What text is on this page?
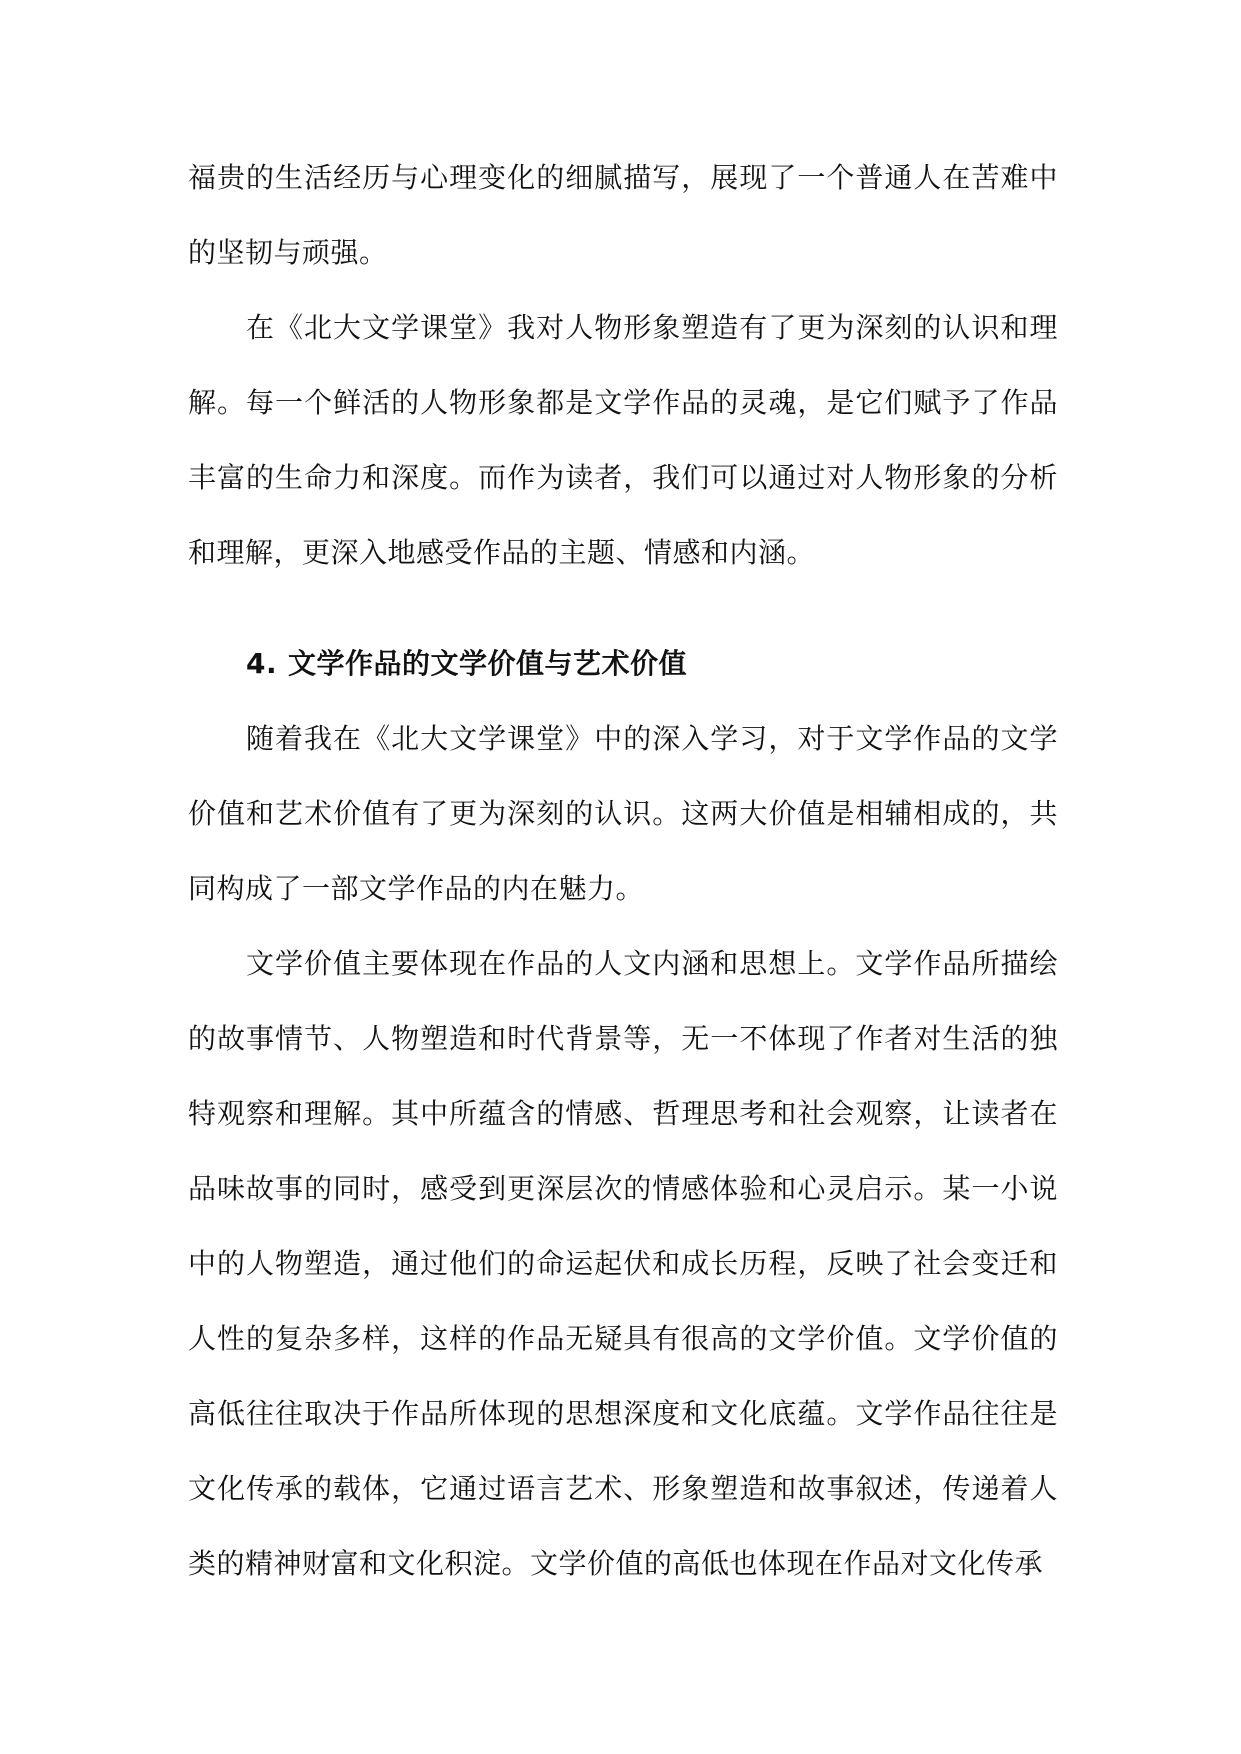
福贵的生活经历与心理变化的细腻描写，展现了一个普通人在苦难中的坚韧与顽强。

在《北大文学课堂》我对人物形象塑造有了更为深刻的认识和理解。每一个鲜活的人物形象都是文学作品的灵魂，是它们赋予了作品丰富的生命力和深度。而作为读者，我们可以通过对人物形象的分析和理解，更深入地感受作品的主题、情感和内涵。

4. 文学作品的文学价值与艺术价值

随着我在《北大文学课堂》中的深入学习，对于文学作品的文学价值和艺术价值有了更为深刻的认识。这两大价值是相辅相成的，共同构成了一部文学作品的内在魅力。

文学价值主要体现在作品的人文内涵和思想上。文学作品所描绘的故事情节、人物塑造和时代背景等，无一不体现了作者对生活的独特观察和理解。其中所蕴含的情感、哲理思考和社会观察，让读者在品味故事的同时，感受到更深层次的情感体验和心灵启示。某一小说中的人物塑造，通过他们的命运起伏和成长历程，反映了社会变迁和人性的复杂多样，这样的作品无疑具有很高的文学价值。文学价值的高低往往取决于作品所体现的思想深度和文化底蕴。文学作品往往是文化传承的载体，它通过语言艺术、形象塑造和故事叙述，传递着人类的精神财富和文化积淀。文学价值的高低也体现在作品对文化传承
